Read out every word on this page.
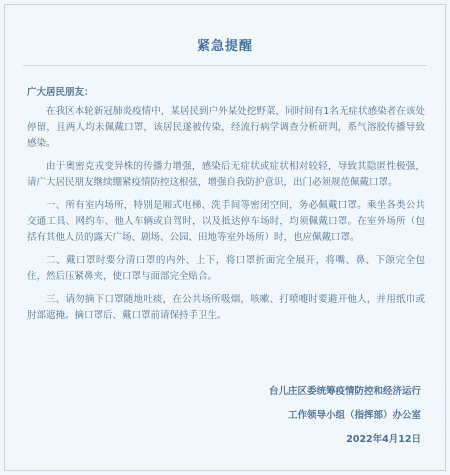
紧急提醒

广大居民朋友：

在我区本轮新冠肺炎疫情中，某居民到户外某处挖野菜，同时间有1名无症状感染者在该处停留，且两人均未佩戴口罩，该居民遂被传染，经流行病学调查分析研判，系气溶胶传播导致感染。

由于奥密克戎变异株的传播力增强，感染后无症状或症状相对较轻，导致其隐匿性极强，请广大居民朋友继续绷紧疫情防控这根弦，增强自我防护意识，出门必须规范佩戴口罩。

一、所有室内场所，特别是厢式电梯、洗手间等密闭空间，务必佩戴口罩。乘坐各类公共交通工具、网约车、他人车辆或自驾时，以及抵达停车场时，均须佩戴口罩。在室外场所（包括有其他人员的露天广场、剧场、公园、田地等室外场所）时，也应佩戴口罩。

二、戴口罩时要分清口罩的内外、上下，将口罩折面完全展开，将嘴、鼻、下颌完全包住，然后压紧鼻夹，使口罩与面部完全贴合。

三、请勿摘下口罩随地吐痰，在公共场所吸烟，咳嗽、打喷嚏时要避开他人，并用纸巾或肘部遮掩。摘口罩后、戴口罩前请保持手卫生。

台儿庄区委统筹疫情防控和经济运行
工作领导小组（指挥部）办公室
2022年4月12日
